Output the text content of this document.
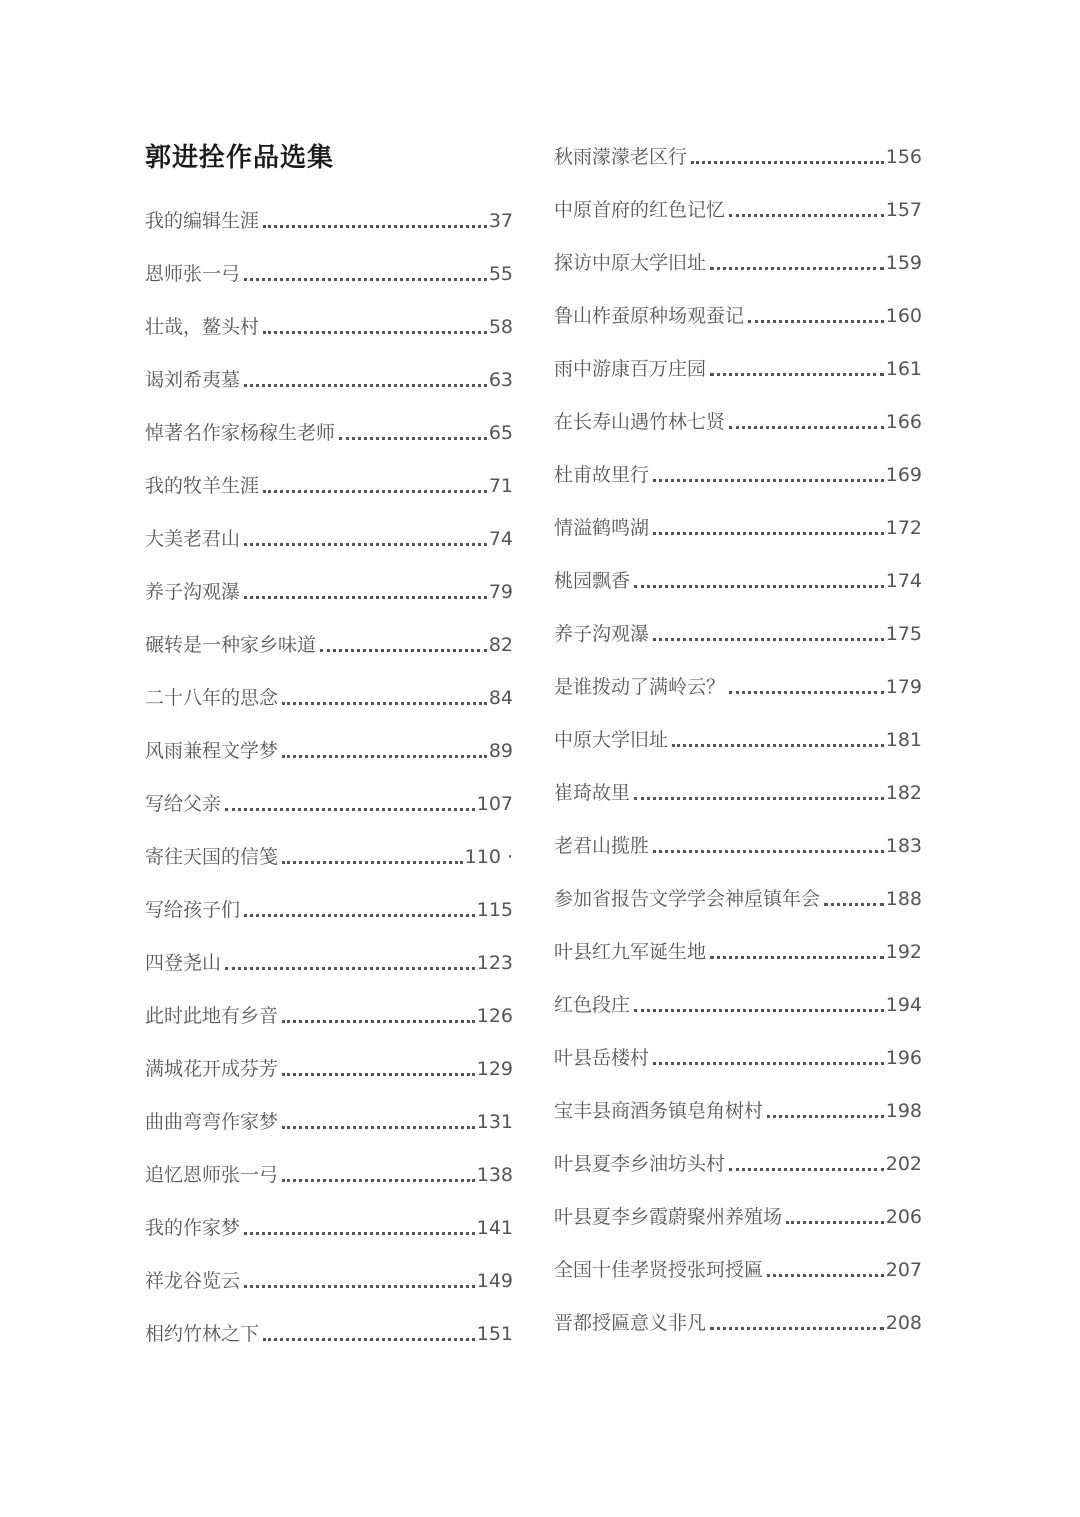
郭进拴作品选集
我的编辑生涯	37
恩师张一弓	55
壮哉，鳌头村	58
谒刘希夷墓	63
悼著名作家杨稼生老师	65
我的牧羊生涯	71
大美老君山	74
养子沟观瀑	79
碾转是一种家乡味道	82
二十八年的思念	84
风雨兼程文学梦	89
写给父亲	107
寄往天国的信笺	110 ·
写给孩子们	115
四登尧山	123
此时此地有乡音	126
满城花开成芬芳	129
曲曲弯弯作家梦	131
追忆恩师张一弓	138
我的作家梦	141
祥龙谷览云	149
相约竹林之下	151
秋雨濛濛老区行	156
中原首府的红色记忆	157
探访中原大学旧址	159
鲁山柞蚕原种场观蚕记	160
雨中游康百万庄园	161
在长寿山遇竹林七贤	166
杜甫故里行	169
情溢鹤鸣湖	172
桃园飘香	174
养子沟观瀑	175
是谁拨动了满岭云？	179
中原大学旧址	181
崔琦故里	182
老君山揽胜	183
参加省报告文学学会神垕镇年会	188
叶县红九军诞生地	192
红色段庄	194
叶县岳楼村	196
宝丰县商酒务镇皂角树村	198
叶县夏李乡油坊头村	202
叶县夏李乡霞蔚聚州养殖场	206
全国十佳孝贤授张珂授匾	207
晋都授匾意义非凡	208
